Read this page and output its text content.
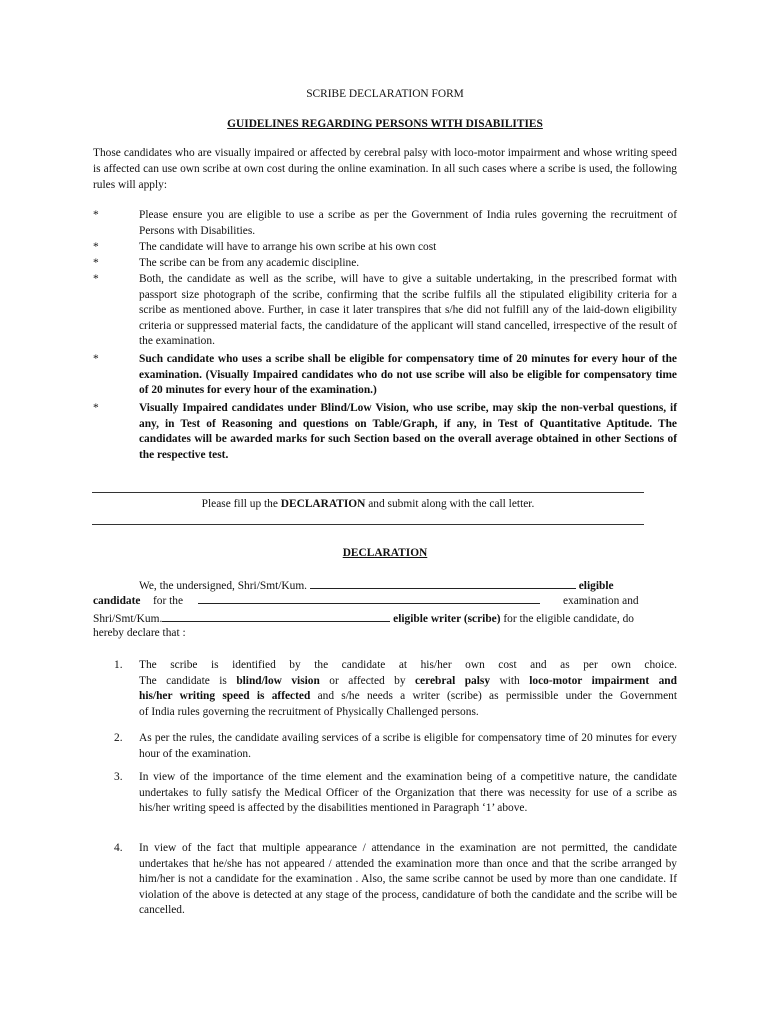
SCRIBE DECLARATION FORM
GUIDELINES REGARDING PERSONS WITH DISABILITIES
Those candidates who are visually impaired or affected by cerebral palsy with loco-motor impairment and whose writing speed is affected can use own scribe at own cost during the online examination. In all such cases where a scribe is used, the following rules will apply:
*	Please ensure you are eligible to use a scribe as per the Government of India rules governing the recruitment of Persons with Disabilities.
*	The candidate will have to arrange his own scribe at his own cost
*	The scribe can be from any academic discipline.
*	Both, the candidate as well as the scribe, will have to give a suitable undertaking, in the prescribed format with passport size photograph of the scribe, confirming that the scribe fulfils all the stipulated eligibility criteria for a scribe as mentioned above. Further, in case it later transpires that s/he did not fulfill any of the laid-down eligibility criteria or suppressed material facts, the candidature of the applicant will stand cancelled, irrespective of the result of the examination.
*	Such candidate who uses a scribe shall be eligible for compensatory time of 20 minutes for every hour of the examination. (Visually Impaired candidates who do not use scribe will also be eligible for compensatory time of 20 minutes for every hour of the examination.)
*	Visually Impaired candidates under Blind/Low Vision, who use scribe, may skip the non-verbal questions, if any, in Test of Reasoning and questions on Table/Graph, if any, in Test of Quantitative Aptitude. The candidates will be awarded marks for such Section based on the overall average obtained in other Sections of the respective test.
Please fill up the DECLARATION and submit along with the call letter.
DECLARATION
We, the undersigned, Shri/Smt/Kum.	eligible
candidate for the	examination and
Shri/Smt/Kum.	eligible writer (scribe) for the eligible candidate, do
hereby declare that :
1.	The scribe is identified by the candidate at his/her own cost and as per own choice.
The candidate is blind/low vision or affected by cerebral palsy with loco-motor impairment and
his/her writing speed is affected and s/he needs a writer (scribe) as permissible under the Government
of India rules governing the recruitment of Physically Challenged persons.
2.	As per the rules, the candidate availing services of a scribe is eligible for compensatory time of 20 minutes for every hour of the examination.
3.	In view of the importance of the time element and the examination being of a competitive nature, the candidate undertakes to fully satisfy the Medical Officer of the Organization that there was necessity for use of a scribe as his/her writing speed is affected by the disabilities mentioned in Paragraph ‘1’ above.
4.	In view of the fact that multiple appearance / attendance in the examination are not permitted, the candidate undertakes that he/she has not appeared / attended the examination more than once and that the scribe arranged by him/her is not a candidate for the examination . Also, the same scribe cannot be used by more than one candidate. If violation of the above is detected at any stage of the process, candidature of both the candidate and the scribe will be cancelled.
